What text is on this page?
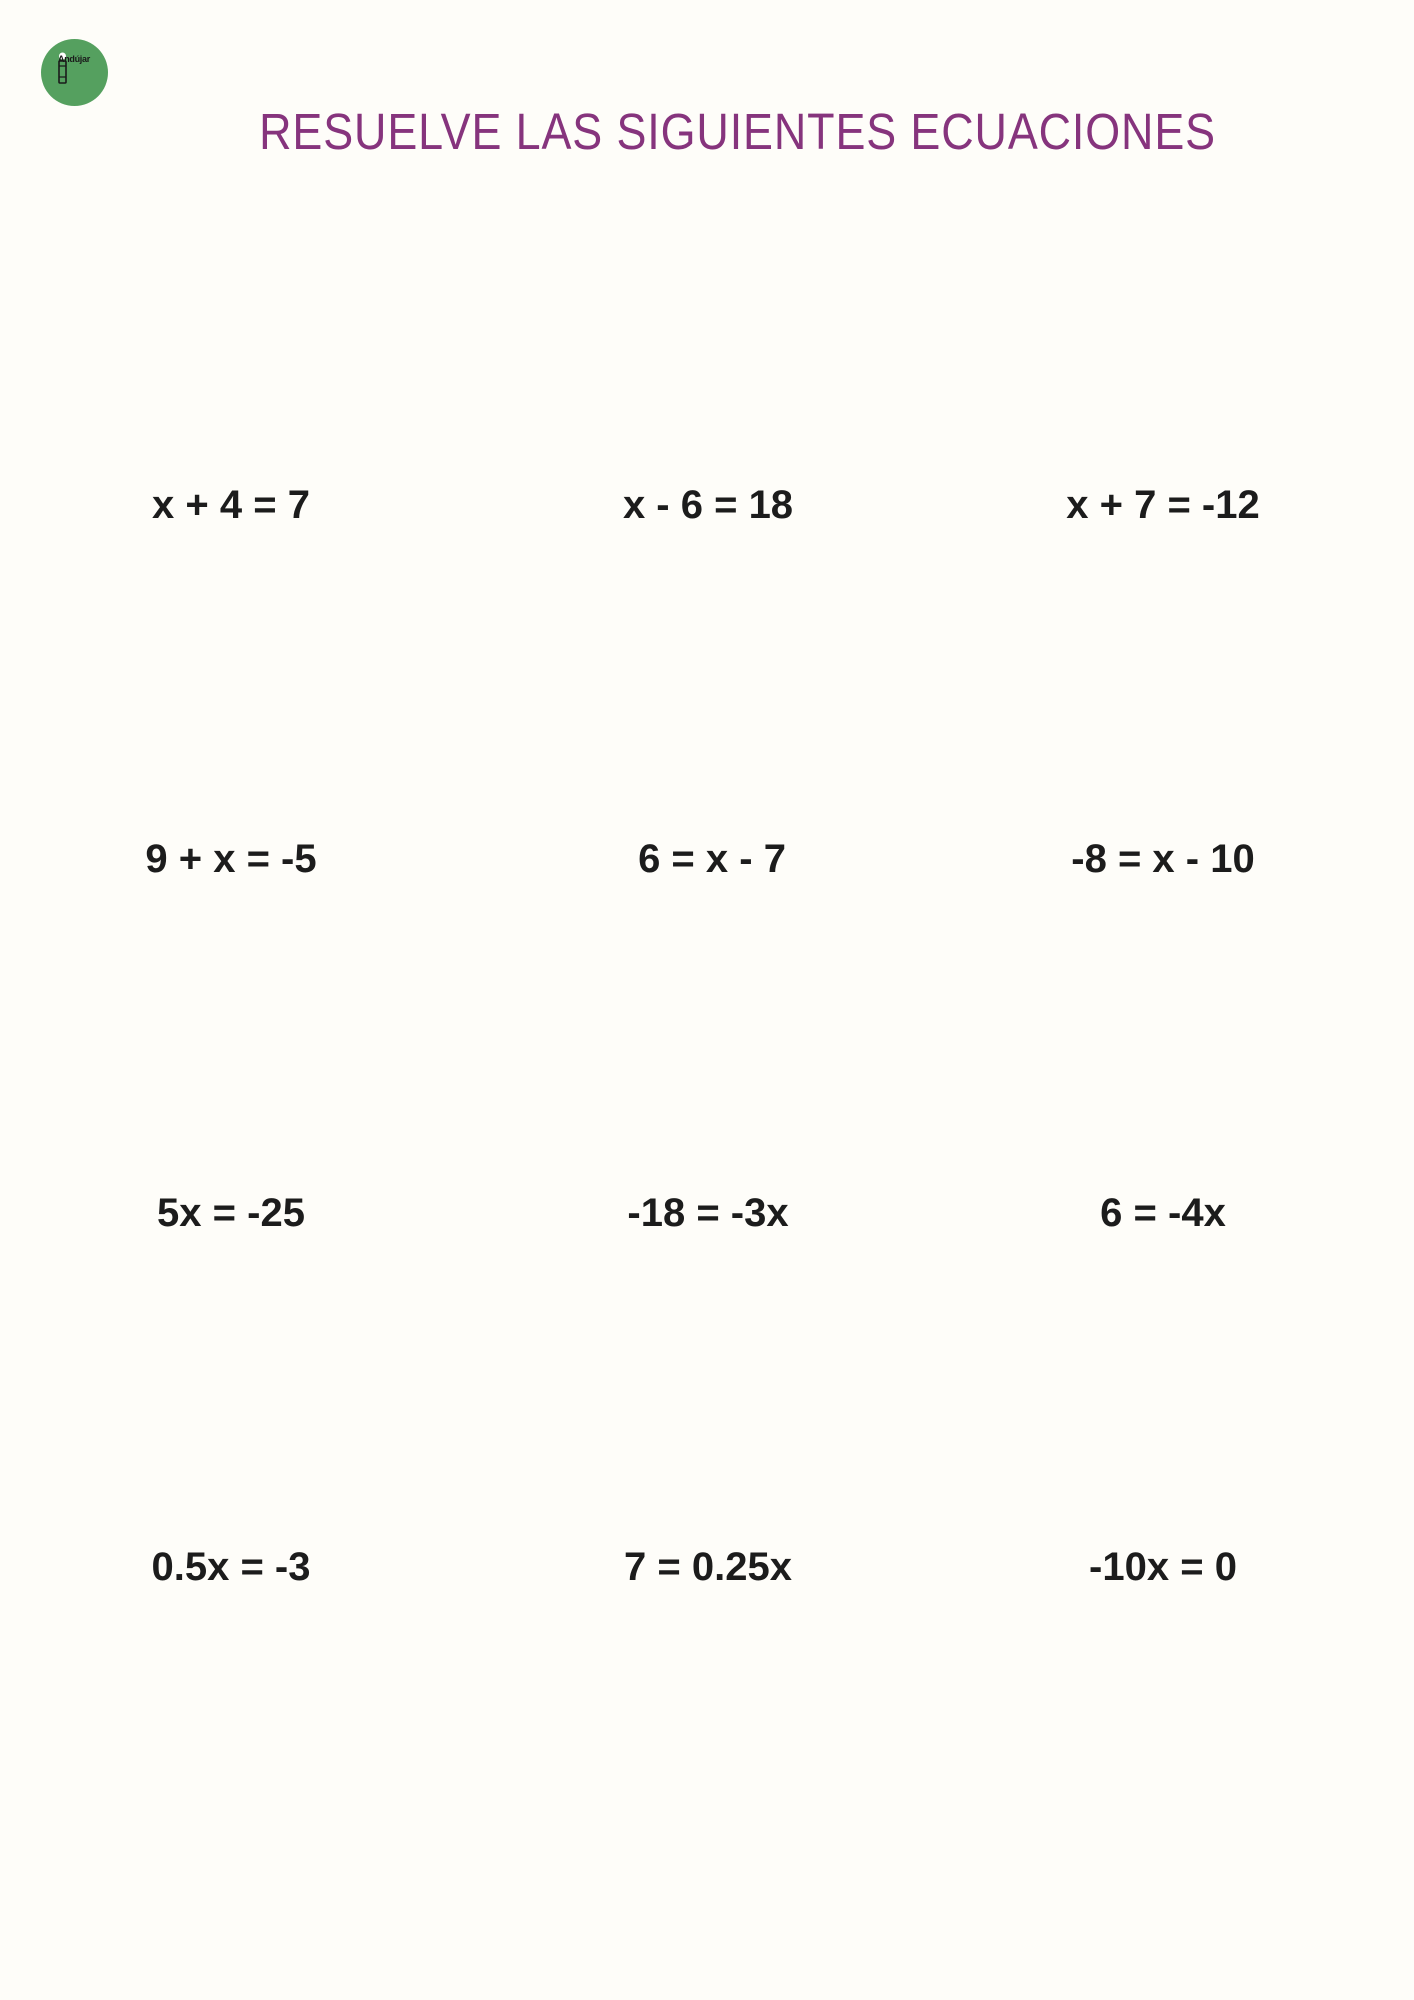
Andújar
RESUELVE LAS SIGUIENTES ECUACIONES
x + 4 = 7	x - 6 = 18	x + 7 = -12
9 + x = -5	6 = x - 7	-8 = x - 10
5x = -25	-18 = -3x	6 = -4x
0.5x = -3	7 = 0.25x	-10x = 0
